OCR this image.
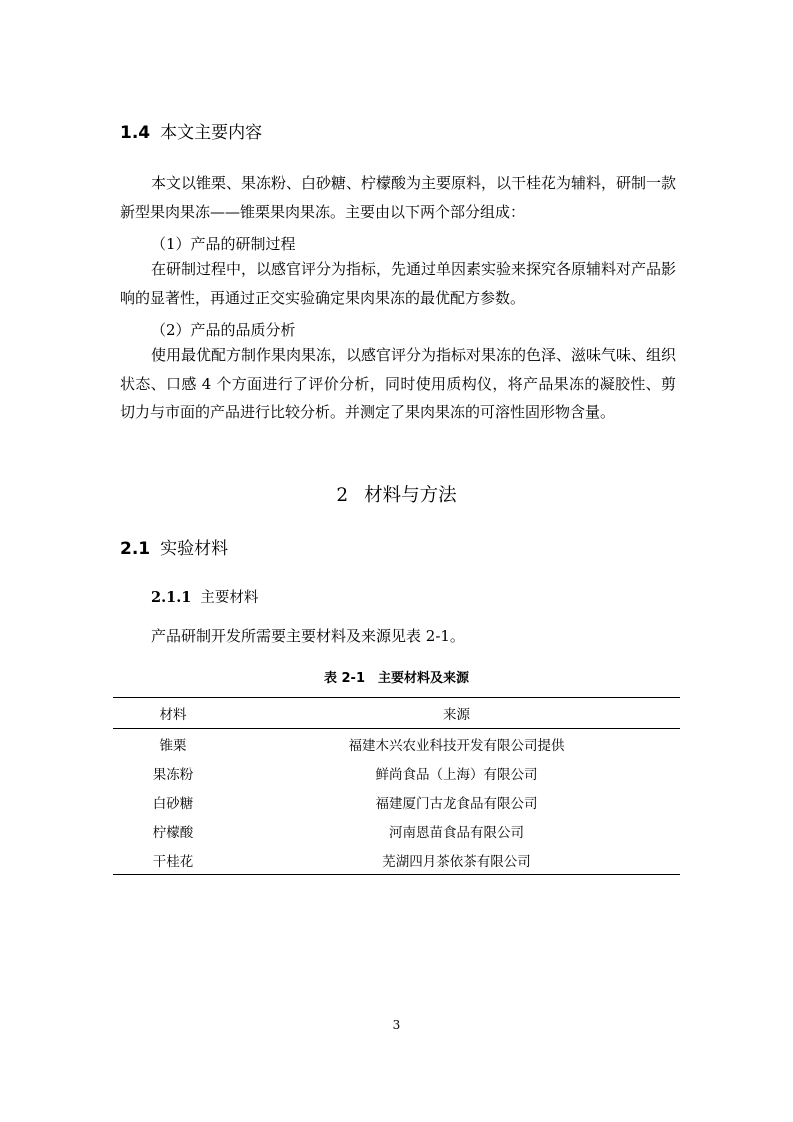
1.4 本文主要内容
本文以锥栗、果冻粉、白砂糖、柠檬酸为主要原料，以干桂花为辅料，研制一款新型果肉果冻——锥栗果肉果冻。主要由以下两个部分组成：
（1）产品的研制过程
在研制过程中，以感官评分为指标，先通过单因素实验来探究各原辅料对产品影响的显著性，再通过正交实验确定果肉果冻的最优配方参数。
（2）产品的品质分析
使用最优配方制作果肉果冻，以感官评分为指标对果冻的色泽、滋味气味、组织状态、口感 4 个方面进行了评价分析，同时使用质构仪，将产品果冻的凝胶性、剪切力与市面的产品进行比较分析。并测定了果肉果冻的可溶性固形物含量。
2 材料与方法
2.1 实验材料
2.1.1 主要材料
产品研制开发所需要主要材料及来源见表 2-1。
表 2-1　主要材料及来源
材料	来源
锥栗	福建木兴农业科技开发有限公司提供
果冻粉	鲜尚食品（上海）有限公司
白砂糖	福建厦门古龙食品有限公司
柠檬酸	河南恩苗食品有限公司
干桂花	芜湖四月茶依茶有限公司
3
